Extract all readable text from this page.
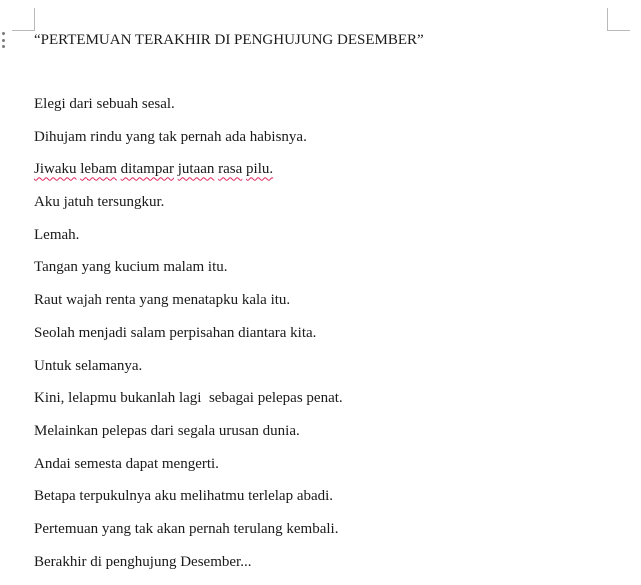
“PERTEMUAN TERAKHIR DI PENGHUJUNG DESEMBER”
Elegi dari sebuah sesal.
Dihujam rindu yang tak pernah ada habisnya.
Jiwaku lebam ditampar jutaan rasa pilu.
Aku jatuh tersungkur.
Lemah.
Tangan yang kucium malam itu.
Raut wajah renta yang menatapku kala itu.
Seolah menjadi salam perpisahan diantara kita.
Untuk selamanya.
Kini, lelapmu bukanlah lagi  sebagai pelepas penat.
Melainkan pelepas dari segala urusan dunia.
Andai semesta dapat mengerti.
Betapa terpukulnya aku melihatmu terlelap abadi.
Pertemuan yang tak akan pernah terulang kembali.
Berakhir di penghujung Desember...
